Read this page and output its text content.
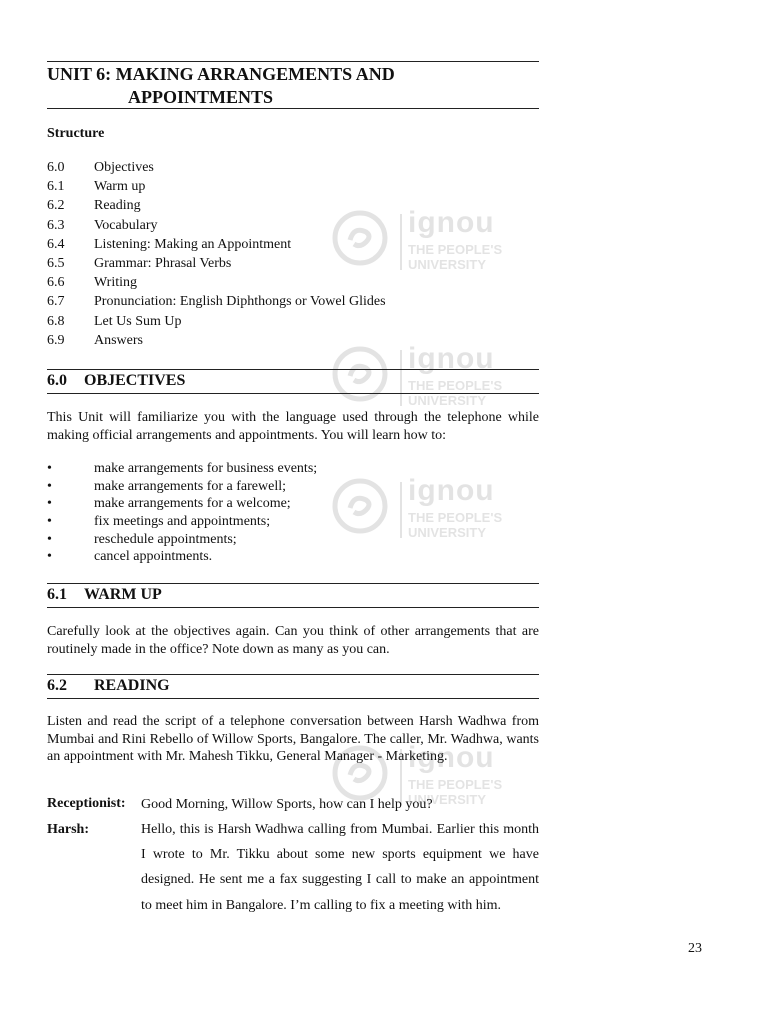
ignou
THE PEOPLE'S
UNIVERSITY
ignou
THE PEOPLE'S
UNIVERSITY
ignou
THE PEOPLE'S
UNIVERSITY
ignou
THE PEOPLE'S
UNIVERSITY
UNIT 6: MAKING ARRANGEMENTS AND
APPOINTMENTS
Structure
6.0 Objectives
6.1 Warm up
6.2 Reading
6.3 Vocabulary
6.4 Listening: Making an Appointment
6.5 Grammar: Phrasal Verbs
6.6 Writing
6.7 Pronunciation: English Diphthongs or Vowel Glides
6.8 Let Us Sum Up
6.9 Answers
6.0 OBJECTIVES
This Unit will familiarize you with the language used through the telephone while making official arrangements and appointments. You will learn how to:
•	make arrangements for business events;
•	make arrangements for a farewell;
•	make arrangements for a welcome;
•	fix meetings and appointments;
•	reschedule appointments;
•	cancel appointments.
6.1 WARM UP
Carefully look at the objectives again. Can you think of other arrangements that are routinely made in the office? Note down as many as you can.
6.2 READING
Listen and read the script of a telephone conversation between Harsh Wadhwa from Mumbai and Rini Rebello of Willow Sports, Bangalore. The caller, Mr. Wadhwa, wants an appointment with Mr. Mahesh Tikku, General Manager - Marketing.
Receptionist: Good Morning, Willow Sports, how can I help you?
Harsh:	Hello, this is Harsh Wadhwa calling from Mumbai. Earlier this month I wrote to Mr. Tikku about some new sports equipment we have designed. He sent me a fax suggesting I call to make an appointment to meet him in Bangalore. I’m calling to fix a meeting with him.
23
